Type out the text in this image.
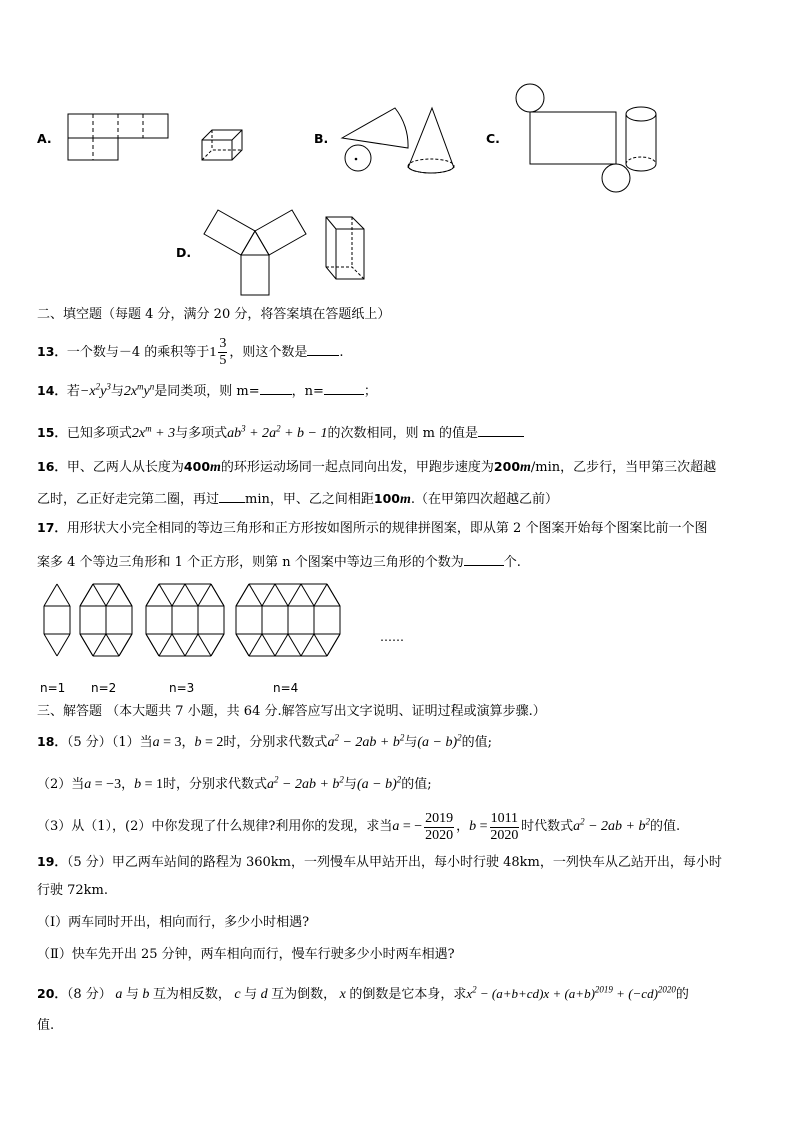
A.	B.	C.
D.
二、填空题（每题 4 分，满分 20 分，将答案填在答题纸上）
13．一个数与－4 的乘积等于$1 \frac{3}{5}$ ，则这个数是 .
14．若$-x^2y^3$与$2x^my^n$是同类项，则 m= ，n=	；
15．已知多项式$2x^m + 3$与多项式$ab^3 + 2a^2 + b - 1$的次数相同，则 m 的值是
16．甲、乙两人从长度为400m的环形运动场同一起点同向出发，甲跑步速度为200m/min，乙步行，当甲第三次超越
乙时，乙正好走完第二圈，再过 min，甲、乙之间相距100m.（在甲第四次超越乙前）
17．用形状大小完全相同的等边三角形和正方形按如图所示的规律拼图案，即从第 2 个图案开始每个图案比前一个图
案多 4 个等边三角形和 1 个正方形，则第 n 个图案中等边三角形的个数为	个.
……
n=1 n=2	n=3	n=4
三、解答题 （本大题共 7 小题，共 64 分.解答应写出文字说明、证明过程或演算步骤.）
18．（5 分）（1）当a = 3，b = 2时，分别求代数式$a^2 - 2ab + b^2$与$(a - b)^2$的值;
（2）当a = −3，b = 1时，分别求代数式$a^2 - 2ab + b^2$与$(a - b)^2$的值;
（3）从（1），(2）中你发现了什么规律?利用你的发现，求当 a = − $\frac{2019}{2020}$ ， $b = \frac{1011}{2020}$ 时代数式 $a^2 - 2ab + b^2$ 的值.
19．（5 分）甲乙两车站间的路程为 360km，一列慢车从甲站开出，每小时行驶 48km，一列快车从乙站开出，每小时
行驶 72km.
（Ⅰ）两车同时开出，相向而行，多少小时相遇?
（Ⅱ）快车先开出 25 分钟，两车相向而行，慢车行驶多少小时两车相遇?
20．（8 分） a 与 b 互为相反数， c 与 d 互为倒数， x 的倒数是它本身，求$x^2 - (a+b+cd)x + (a+b)^{2019} + (-cd)^{2020}$的
值.
